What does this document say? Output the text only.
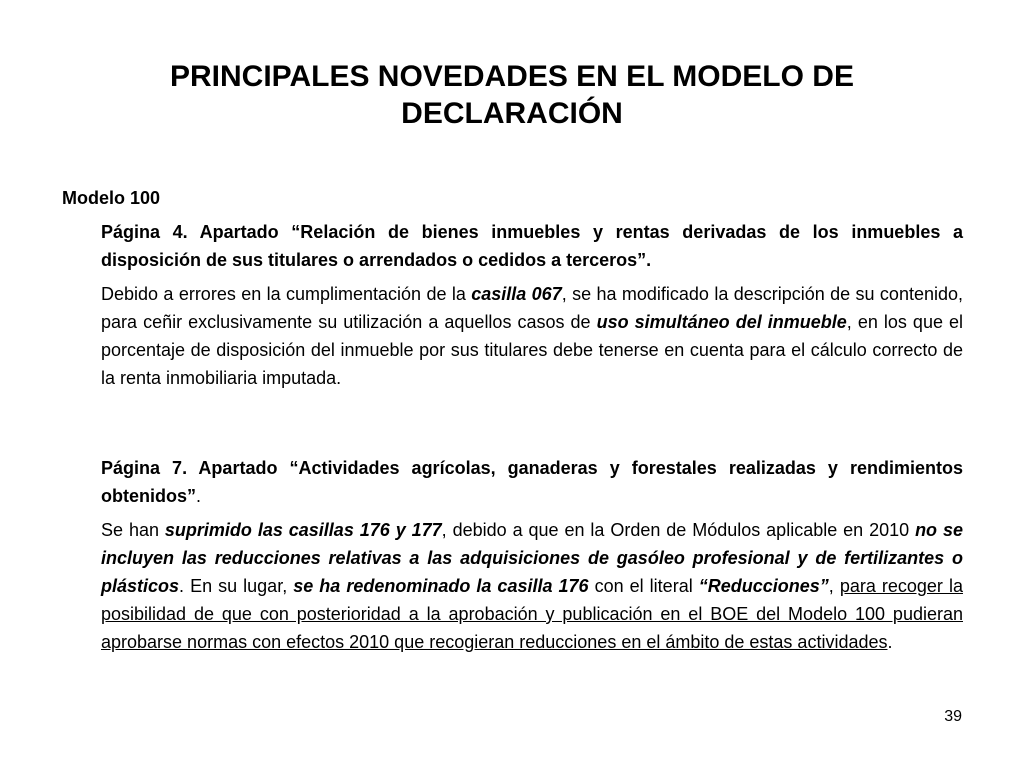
PRINCIPALES NOVEDADES EN EL MODELO DE
DECLARACIÓN
Modelo 100

Página 4. Apartado “Relación de bienes inmuebles y rentas derivadas de los inmuebles a disposición de sus titulares o arrendados o cedidos a terceros”.

Debido a errores en la cumplimentación de la casilla 067, se ha modificado la descripción de su contenido, para ceñir exclusivamente su utilización a aquellos casos de uso simultáneo del inmueble, en los que el porcentaje de disposición del inmueble por sus titulares debe tenerse en cuenta para el cálculo correcto de la renta inmobiliaria imputada.

Página 7. Apartado “Actividades agrícolas, ganaderas y forestales realizadas y rendimientos obtenidos”.

Se han suprimido las casillas 176 y 177, debido a que en la Orden de Módulos aplicable en 2010 no se incluyen las reducciones relativas a las adquisiciones de gasóleo profesional y de fertilizantes o plásticos. En su lugar, se ha redenominado la casilla 176 con el literal “Reducciones”, para recoger la posibilidad de que con posterioridad a la aprobación y publicación en el BOE del Modelo 100 pudieran aprobarse normas con efectos 2010 que recogieran reducciones en el ámbito de estas actividades.

39
